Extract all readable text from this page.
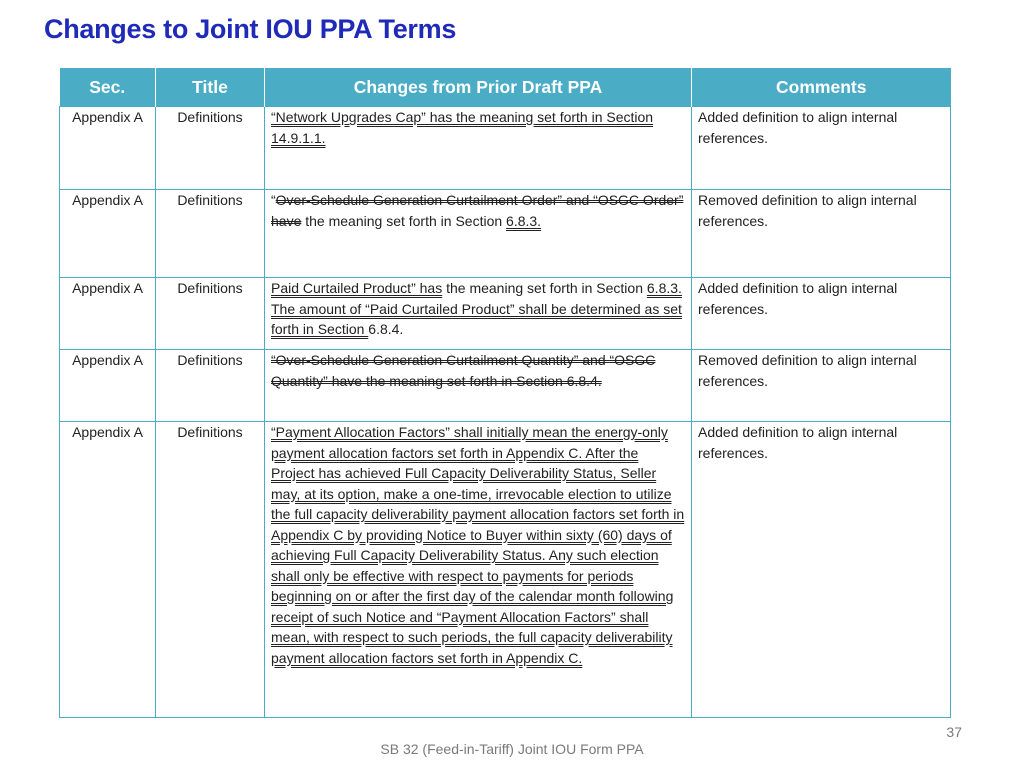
Changes to Joint IOU PPA Terms
Sec.	Title	Changes from Prior Draft PPA	Comments
Appendix A	Definitions	“Network Upgrades Cap” has the meaning set forth in Section 14.9.1.1.	Added definition to align internal references.
Appendix A	Definitions	“Over-Schedule Generation Curtailment Order” and “OSGC Order” have the meaning set forth in Section 6.8.3.	Removed definition to align internal references.
Appendix A	Definitions	Paid Curtailed Product” has the meaning set forth in Section 6.8.3. The amount of “Paid Curtailed Product” shall be determined as set forth in Section 6.8.4.	Added definition to align internal references.
Appendix A	Definitions	“Over-Schedule Generation Curtailment Quantity” and “OSGC Quantity” have the meaning set forth in Section 6.8.4.	Removed definition to align internal references.
Appendix A	Definitions	“Payment Allocation Factors” shall initially mean the energy-only payment allocation factors set forth in Appendix C. After the Project has achieved Full Capacity Deliverability Status, Seller may, at its option, make a one-time, irrevocable election to utilize the full capacity deliverability payment allocation factors set forth in Appendix C by providing Notice to Buyer within sixty (60) days of achieving Full Capacity Deliverability Status. Any such election shall only be effective with respect to payments for periods beginning on or after the first day of the calendar month following receipt of such Notice and “Payment Allocation Factors” shall mean, with respect to such periods, the full capacity deliverability payment allocation factors set forth in Appendix C.	Added definition to align internal references.
37
SB 32 (Feed-in-Tariff) Joint IOU Form PPA
